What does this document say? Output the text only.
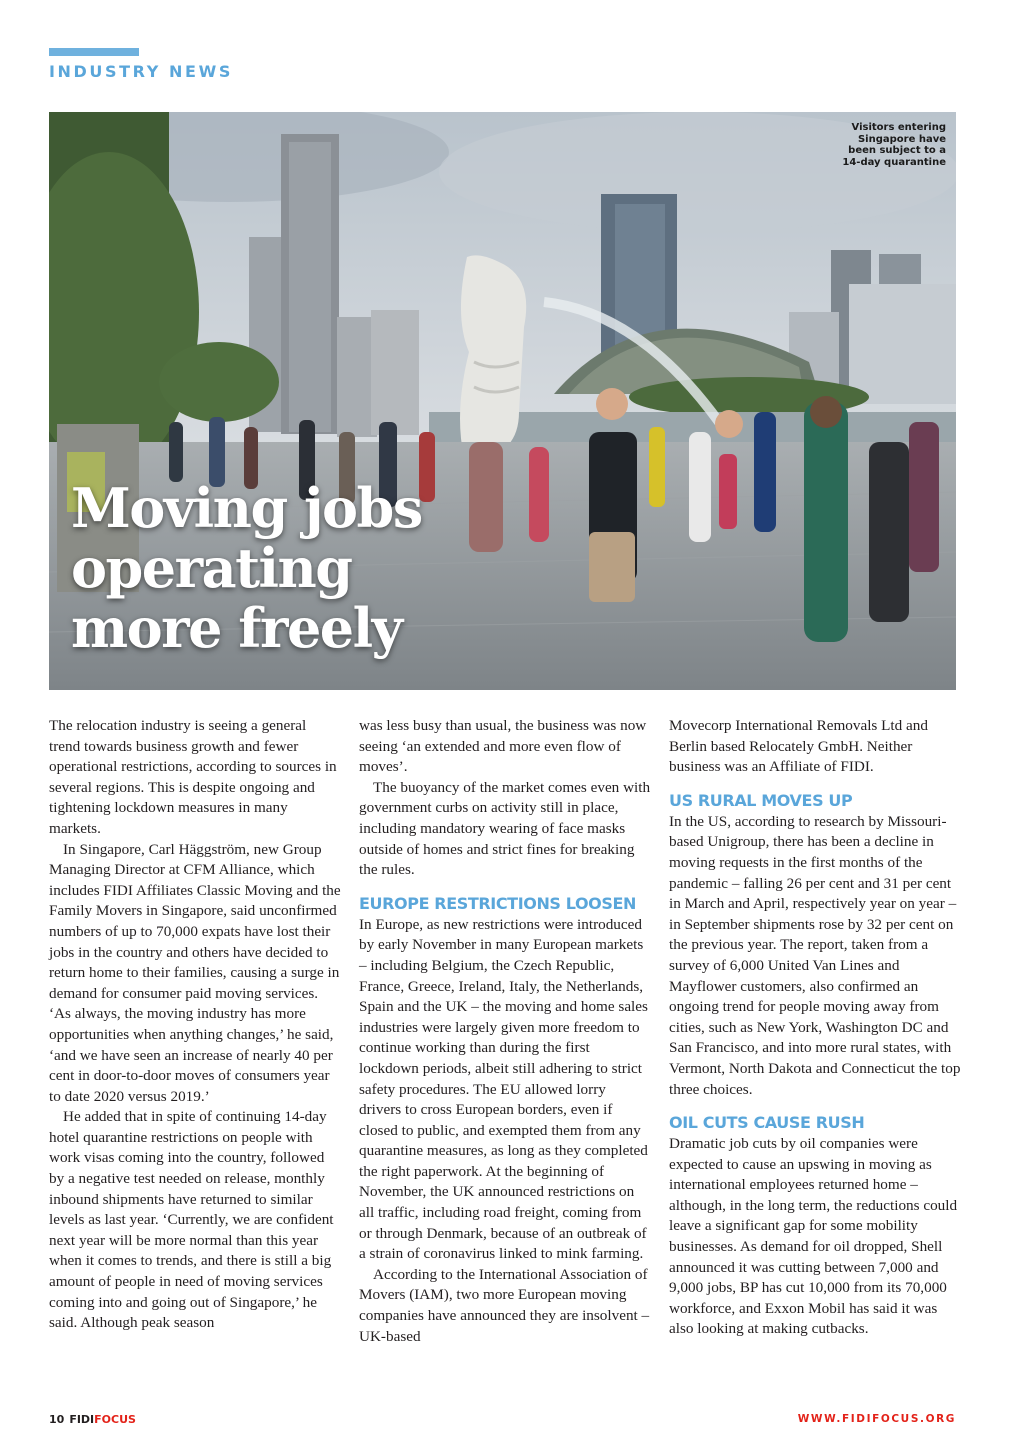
INDUSTRY NEWS
Visitors entering Singapore have been subject to a 14-day quarantine
Moving jobs
operating
more freely

The relocation industry is seeing a general trend towards business growth and fewer operational restrictions, according to sources in several regions. This is despite ongoing and tightening lockdown measures in many markets.

In Singapore, Carl Häggström, new Group Managing Director at CFM Alliance, which includes FIDI Affiliates Classic Moving and the Family Movers in Singapore, said unconfirmed numbers of up to 70,000 expats have lost their jobs in the country and others have decided to return home to their families, causing a surge in demand for consumer paid moving services. ‘As always, the moving industry has more opportunities when anything changes,’ he said, ‘and we have seen an increase of nearly 40 per cent in door-to-door moves of consumers year to date 2020 versus 2019.’

He added that in spite of continuing 14-day hotel quarantine restrictions on people with work visas coming into the country, followed by a negative test needed on release, monthly inbound shipments have returned to similar levels as last year. ‘Currently, we are confident next year will be more normal than this year when it comes to trends, and there is still a big amount of people in need of moving services coming into and going out of Singapore,’ he said. Although peak season

was less busy than usual, the business was now seeing ‘an extended and more even flow of moves’.

The buoyancy of the market comes even with government curbs on activity still in place, including mandatory wearing of face masks outside of homes and strict fines for breaking the rules.

EUROPE RESTRICTIONS LOOSEN

In Europe, as new restrictions were introduced by early November in many European markets – including Belgium, the Czech Republic, France, Greece, Ireland, Italy, the Netherlands, Spain and the UK – the moving and home sales industries were largely given more freedom to continue working than during the first lockdown periods, albeit still adhering to strict safety procedures. The EU allowed lorry drivers to cross European borders, even if closed to public, and exempted them from any quarantine measures, as long as they completed the right paperwork. At the beginning of November, the UK announced restrictions on all traffic, including road freight, coming from or through Denmark, because of an outbreak of a strain of coronavirus linked to mink farming.

According to the International Association of Movers (IAM), two more European moving companies have announced they are insolvent – UK-based

Movecorp International Removals Ltd and Berlin based Relocately GmbH. Neither business was an Affiliate of FIDI.

US RURAL MOVES UP

In the US, according to research by Missouri-based Unigroup, there has been a decline in moving requests in the first months of the pandemic – falling 26 per cent and 31 per cent in March and April, respectively year on year – in September shipments rose by 32 per cent on the previous year. The report, taken from a survey of 6,000 United Van Lines and Mayflower customers, also confirmed an ongoing trend for people moving away from cities, such as New York, Washington DC and San Francisco, and into more rural states, with Vermont, North Dakota and Connecticut the top three choices.

OIL CUTS CAUSE RUSH

Dramatic job cuts by oil companies were expected to cause an upswing in moving as international employees returned home – although, in the long term, the reductions could leave a significant gap for some mobility businesses. As demand for oil dropped, Shell announced it was cutting between 7,000 and 9,000 jobs, BP has cut 10,000 from its 70,000 workforce, and Exxon Mobil has said it was also looking at making cutbacks.

10 FIDIFOCUS	WWW.FIDIFOCUS.ORG
